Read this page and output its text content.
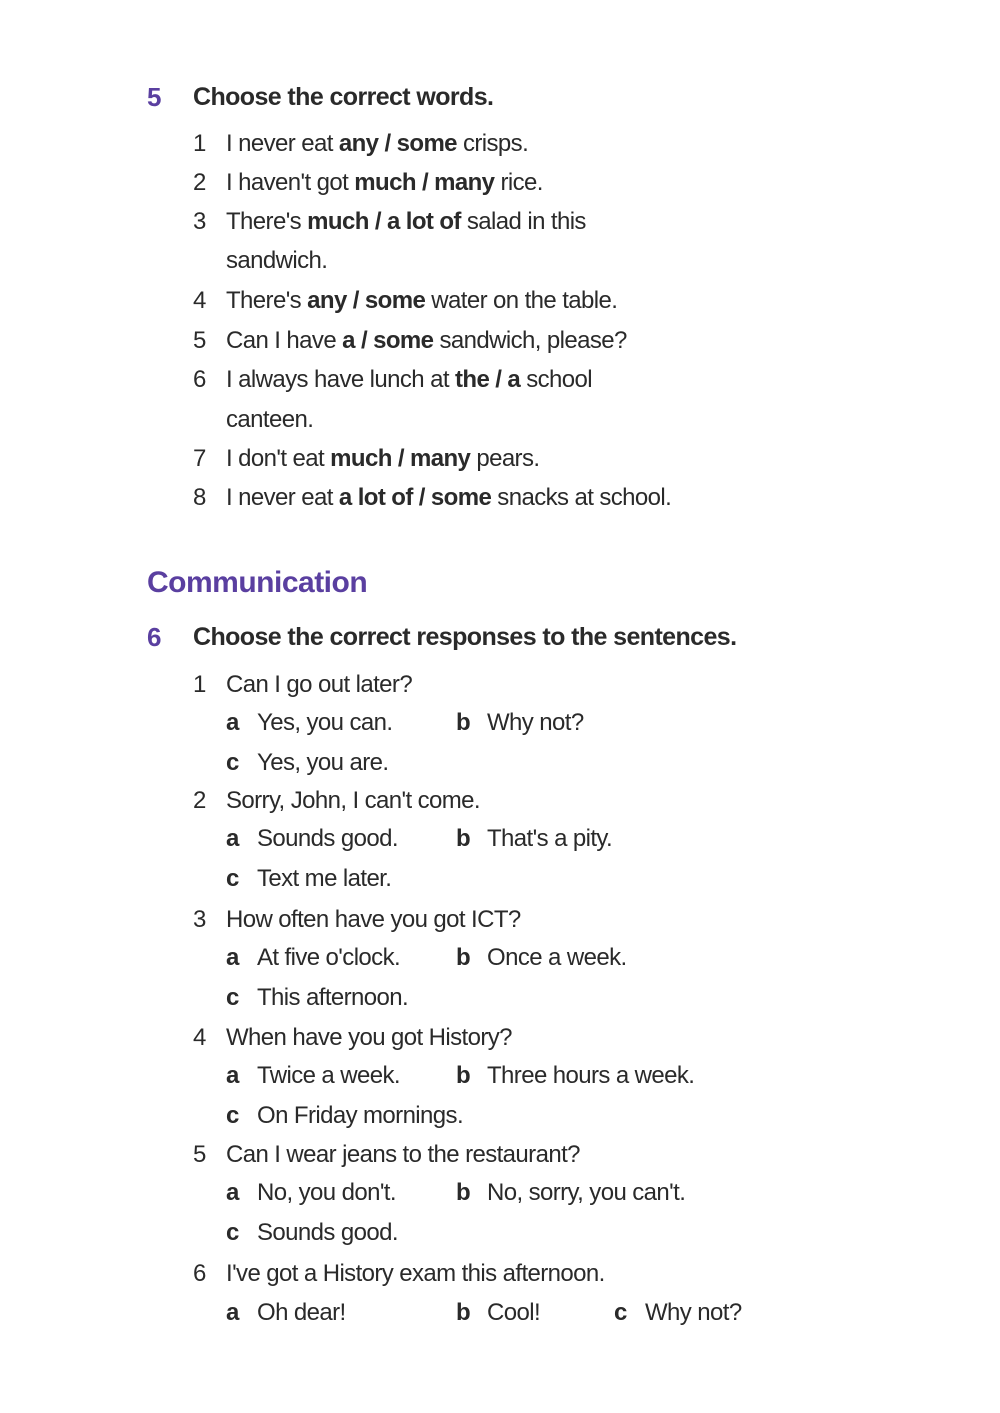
5 Choose the correct words.
1 I never eat any / some crisps.
2 I haven't got much / many rice.
3 There's much / a lot of salad in this
sandwich.
4 There's any / some water on the table.
5 Can I have a / some sandwich, please?
6 I always have lunch at the / a school
canteen.
7 I don't eat much / many pears.
8 I never eat a lot of / some snacks at school.
Communication
6 Choose the correct responses to the sentences.
1 Can I go out later?
a Yes, you can.	b Why not?
c Yes, you are.
2 Sorry, John, I can't come.
a Sounds good. b That's a pity.
c Text me later.
3 How often have you got ICT?
a At five o'clock. b Once a week.
c This afternoon.
4 When have you got History?
a Twice a week. b Three hours a week.
c On Friday mornings.
5 Can I wear jeans to the restaurant?
a No, you don't.	b No, sorry, you can't.
c Sounds good.
6 I've got a History exam this afternoon.
a Oh dear!	b Cool!	c Why not?
